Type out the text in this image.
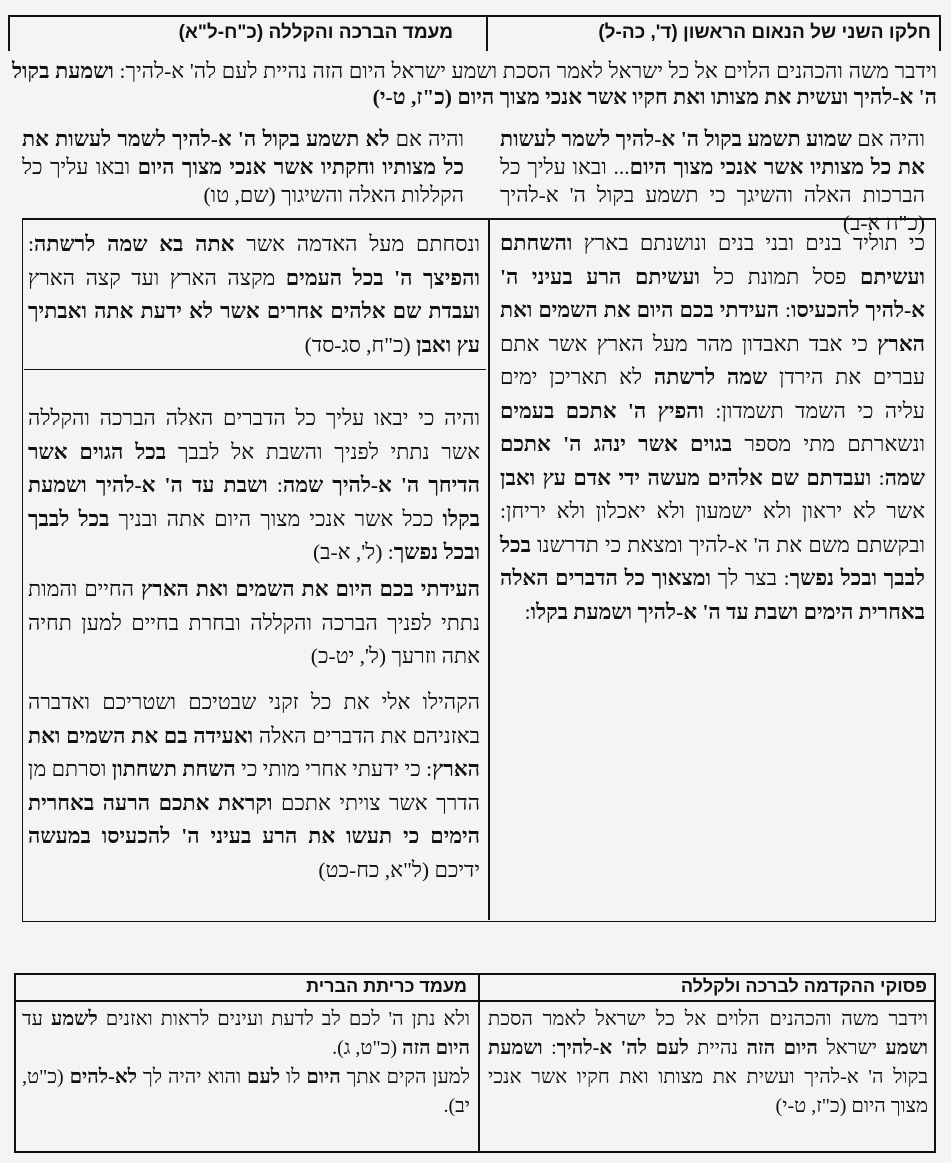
חלקו השני של הנאום הראשון (ד', כה-ל)
מעמד הברכה והקללה (כ"ח-ל"א)
וידבר משה והכהנים הלוים אל כל ישראל לאמר הסכת ושמע ישראל היום הזה נהיית לעם לה' א-להיך: ושמעת בקול ה' א-להיך ועשית את מצותו ואת חקיו אשר אנכי מצוך היום (כ"ז, ט-י)
והיה אם שמוע תשמע בקול ה' א-להיך לשמר לעשות את כל מצותיו אשר אנכי מצוך היום... ובאו עליך כל הברכות האלה והשיגך כי תשמע בקול ה' א-להיך (כ"ח א-ב)
והיה אם לא תשמע בקול ה' א-להיך לשמר לעשות את כל מצותיו וחקתיו אשר אנכי מצוך היום ובאו עליך כל הקללות האלה והשיגוך (שם, טו)
כי תוליד בנים ובני בנים ונושנתם בארץ והשחתם ועשיתם פסל תמונת כל ועשיתם הרע בעיני ה' א-להיך להכעיסו: העידתי בכם היום את השמים ואת הארץ כי אבד תאבדון מהר מעל הארץ אשר אתם עברים את הירדן שמה לרשתה לא תאריכן ימים עליה כי השמד תשמדון: והפיץ ה' אתכם בעמים ונשארתם מתי מספר בגוים אשר ינהג ה' אתכם שמה: ועבדתם שם אלהים מעשה ידי אדם עץ ואבן אשר לא יראון ולא ישמעון ולא יאכלון ולא יריחן: ובקשתם משם את ה' א-להיך ומצאת כי תדרשנו בכל לבבך ובכל נפשך: בצר לך ומצאוך כל הדברים האלה באחרית הימים ושבת עד ה' א-להיך ושמעת בקלו:
ונסחתם מעל האדמה אשר אתה בא שמה לרשתה: והפיצך ה' בכל העמים מקצה הארץ ועד קצה הארץ ועבדת שם אלהים אחרים אשר לא ידעת אתה ואבתיך עץ ואבן (כ"ח, סג-סד)
והיה כי יבאו עליך כל הדברים האלה הברכה והקללה אשר נתתי לפניך והשבת אל לבבך בכל הגוים אשר הדיחך ה' א-להיך שמה: ושבת עד ה' א-להיך ושמעת בקלו ככל אשר אנכי מצוך היום אתה ובניך בכל לבבך ובכל נפשך: (ל', א-ב)
העידתי בכם היום את השמים ואת הארץ החיים והמות נתתי לפניך הברכה והקללה ובחרת בחיים למען תחיה אתה וזרעך (ל', יט-כ)
הקהילו אלי את כל זקני שבטיכם ושטריכם ואדברה באזניהם את הדברים האלה ואעידה בם את השמים ואת הארץ: כי ידעתי אחרי מותי כי השחת תשחתון וסרתם מן הדרך אשר צויתי אתכם וקראת אתכם הרעה באחרית הימים כי תעשו את הרע בעיני ה' להכעיסו במעשה ידיכם (ל"א, כח-כט)
פסוקי ההקדמה לברכה ולקללה
מעמד כריתת הברית
וידבר משה והכהנים הלוים אל כל ישראל לאמר הסכת ושמע ישראל היום הזה נהיית לעם לה' א-להיך: ושמעת בקול ה' א-להיך ועשית את מצותו ואת חקיו אשר אנכי מצוך היום (כ"ז, ט-י)
ולא נתן ה' לכם לב לדעת ועינים לראות ואזנים לשמע עד היום הזה (כ"ט, ג).
למען הקים אתך היום לו לעם והוא יהיה לך לא-להים (כ"ט, יב).
